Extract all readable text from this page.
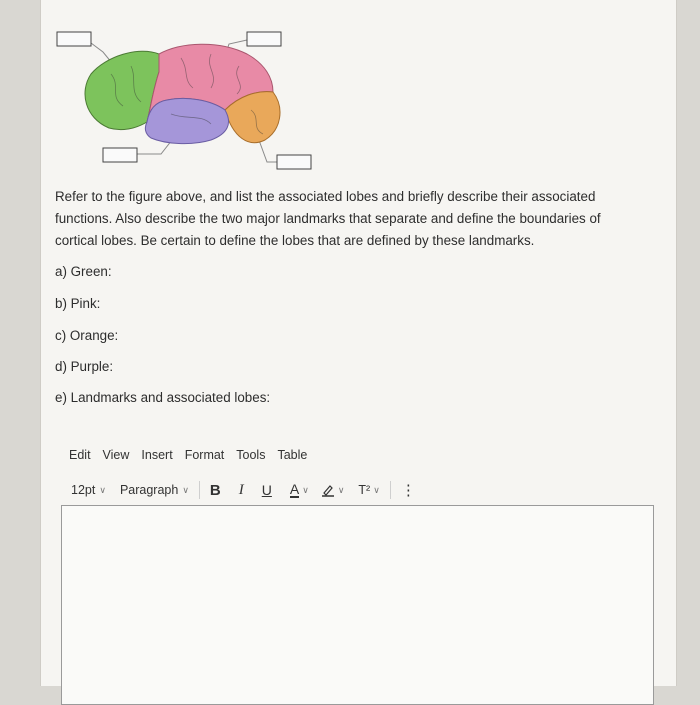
Refer to the figure above, and list the associated lobes and briefly describe their associated functions. Also describe the two major landmarks that separate and define the boundaries of cortical lobes. Be certain to define the lobes that are defined by these landmarks.

a) Green:
b) Pink:
c) Orange:
d) Purple:
e) Landmarks and associated lobes:
Edit View Insert Format Tools Table
12pt ∨ Paragraph ∨ B I U A ∨	∨ T² ∨ ⋮
